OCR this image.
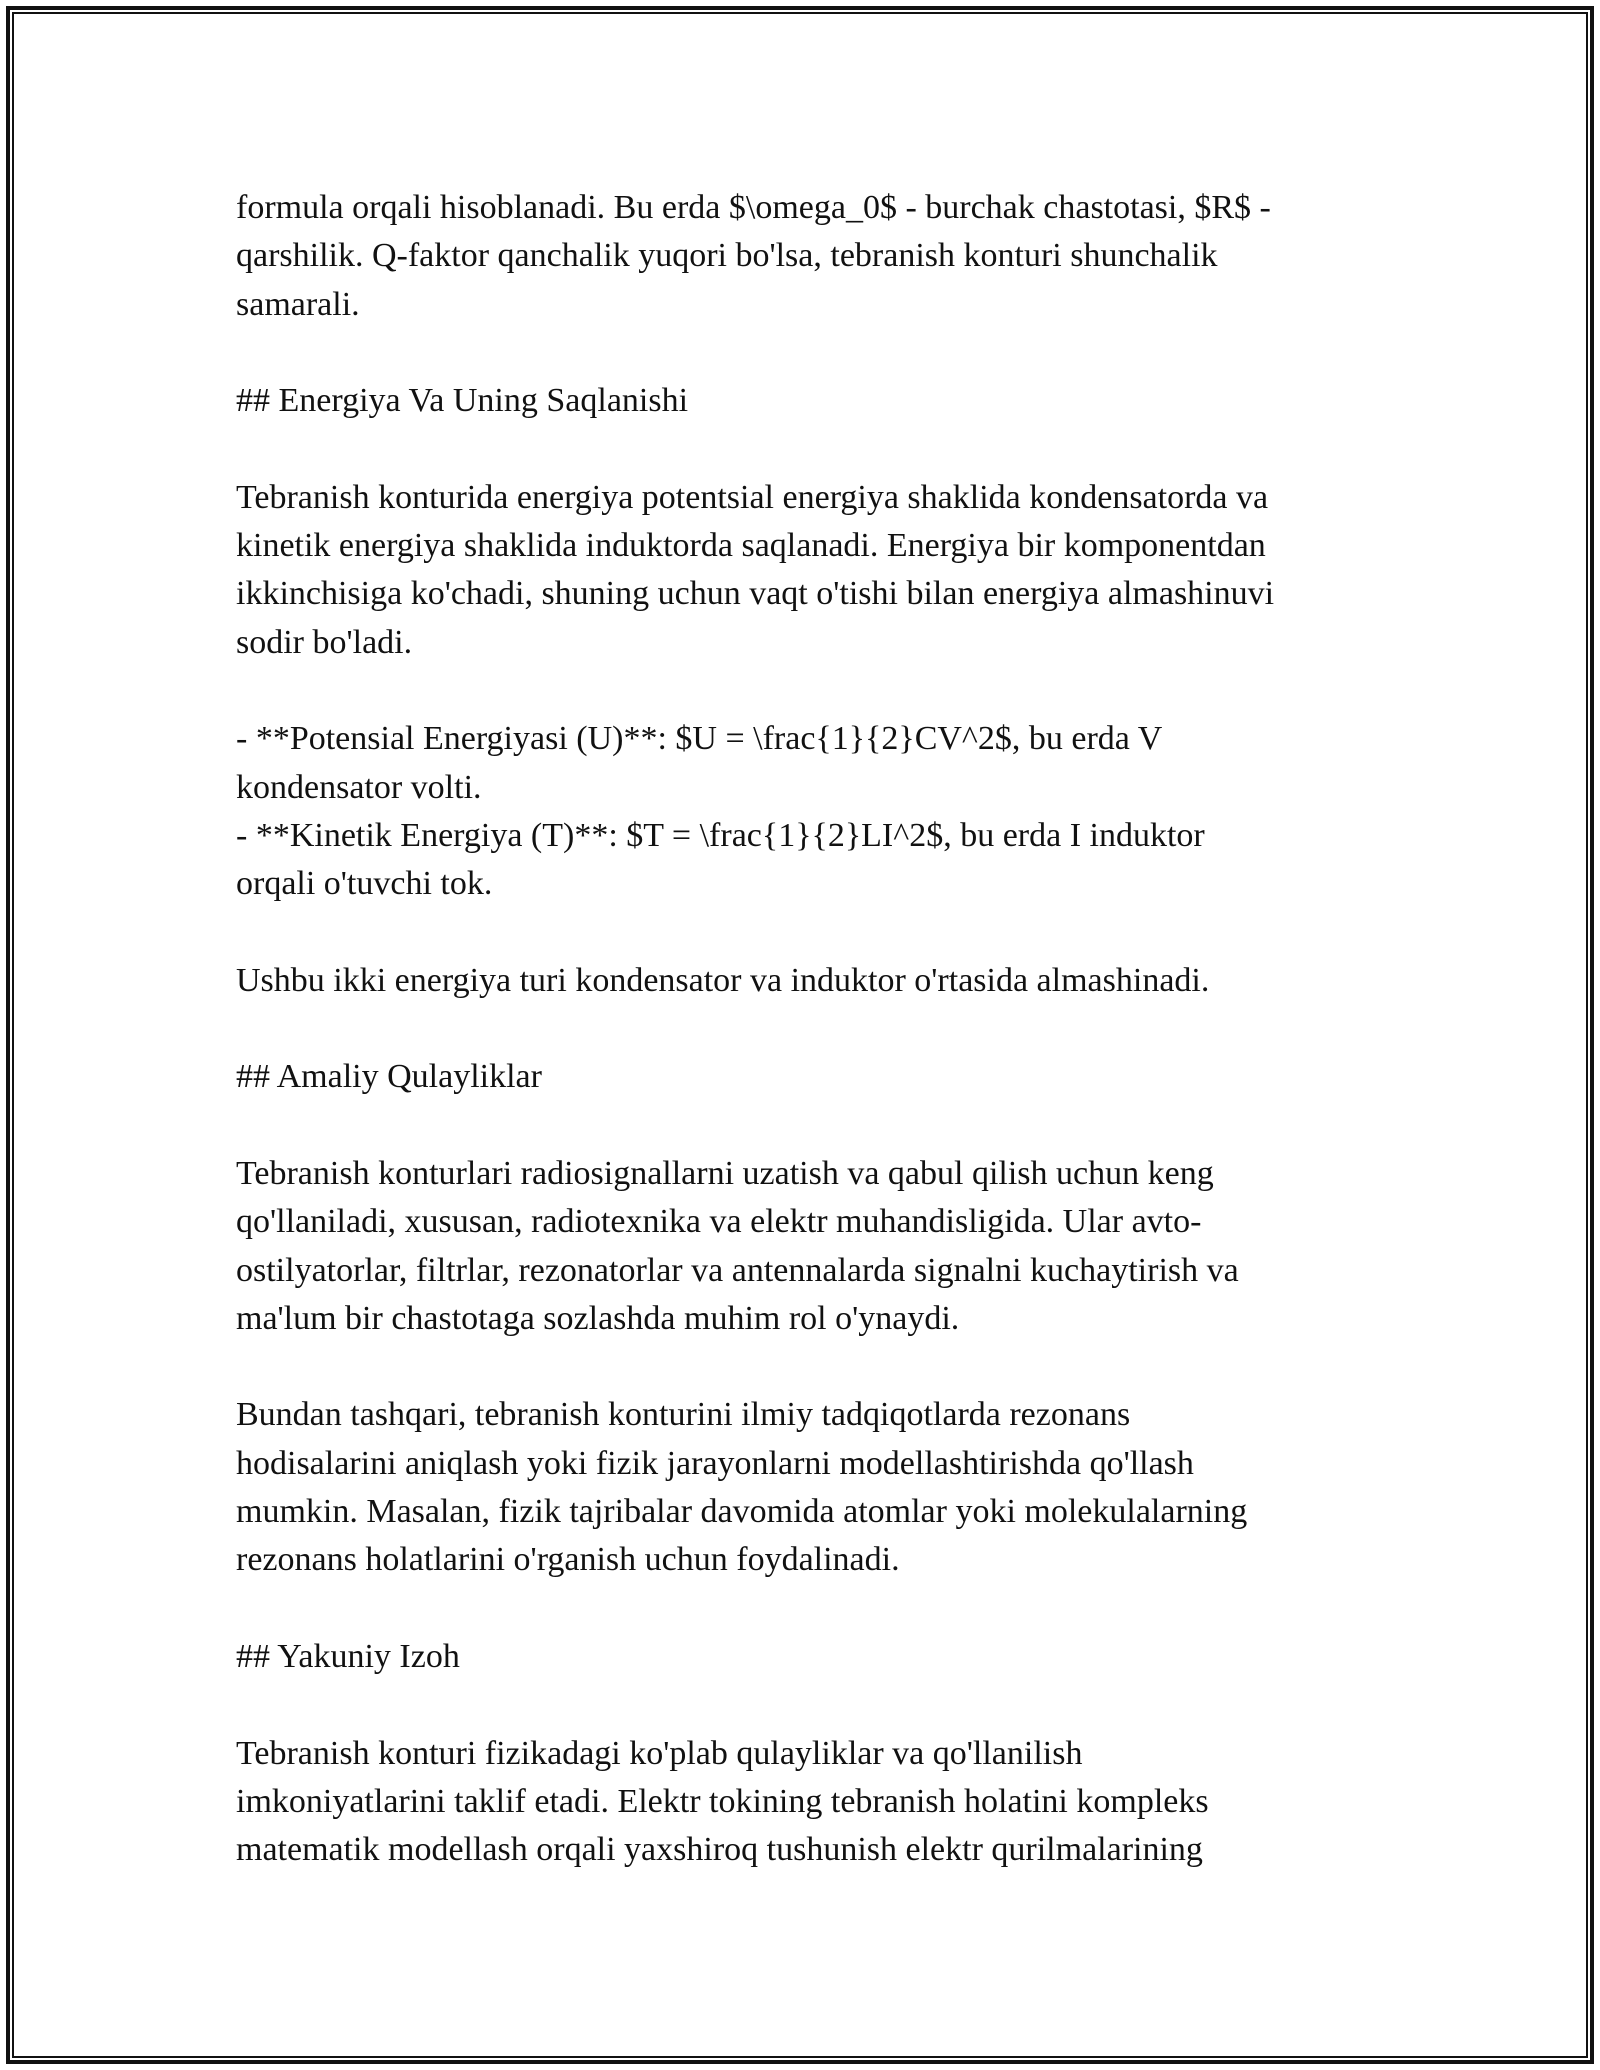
formula orqali hisoblanadi. Bu erda $\omega_0$ - burchak chastotasi, $R$ -
qarshilik. Q-faktor qanchalik yuqori bo'lsa, tebranish konturi shunchalik
samarali.

## Energiya Va Uning Saqlanishi

Tebranish konturida energiya potentsial energiya shaklida kondensatorda va
kinetik energiya shaklida induktorda saqlanadi. Energiya bir komponentdan
ikkinchisiga ko'chadi, shuning uchun vaqt o'tishi bilan energiya almashinuvi
sodir bo'ladi.

- **Potensial Energiyasi (U)**: $U = \frac{1}{2}CV^2$, bu erda V
kondensator volti.
- **Kinetik Energiya (T)**: $T = \frac{1}{2}LI^2$, bu erda I induktor
orqali o'tuvchi tok.

Ushbu ikki energiya turi kondensator va induktor o'rtasida almashinadi.

## Amaliy Qulayliklar

Tebranish konturlari radiosignallarni uzatish va qabul qilish uchun keng
qo'llaniladi, xususan, radiotexnika va elektr muhandisligida. Ular avto-
ostilyatorlar, filtrlar, rezonatorlar va antennalarda signalni kuchaytirish va
ma'lum bir chastotaga sozlashda muhim rol o'ynaydi.

Bundan tashqari, tebranish konturini ilmiy tadqiqotlarda rezonans
hodisalarini aniqlash yoki fizik jarayonlarni modellashtirishda qo'llash
mumkin. Masalan, fizik tajribalar davomida atomlar yoki molekulalarning
rezonans holatlarini o'rganish uchun foydalinadi.

## Yakuniy Izoh

Tebranish konturi fizikadagi ko'plab qulayliklar va qo'llanilish
imkoniyatlarini taklif etadi. Elektr tokining tebranish holatini kompleks
matematik modellash orqali yaxshiroq tushunish elektr qurilmalarining
